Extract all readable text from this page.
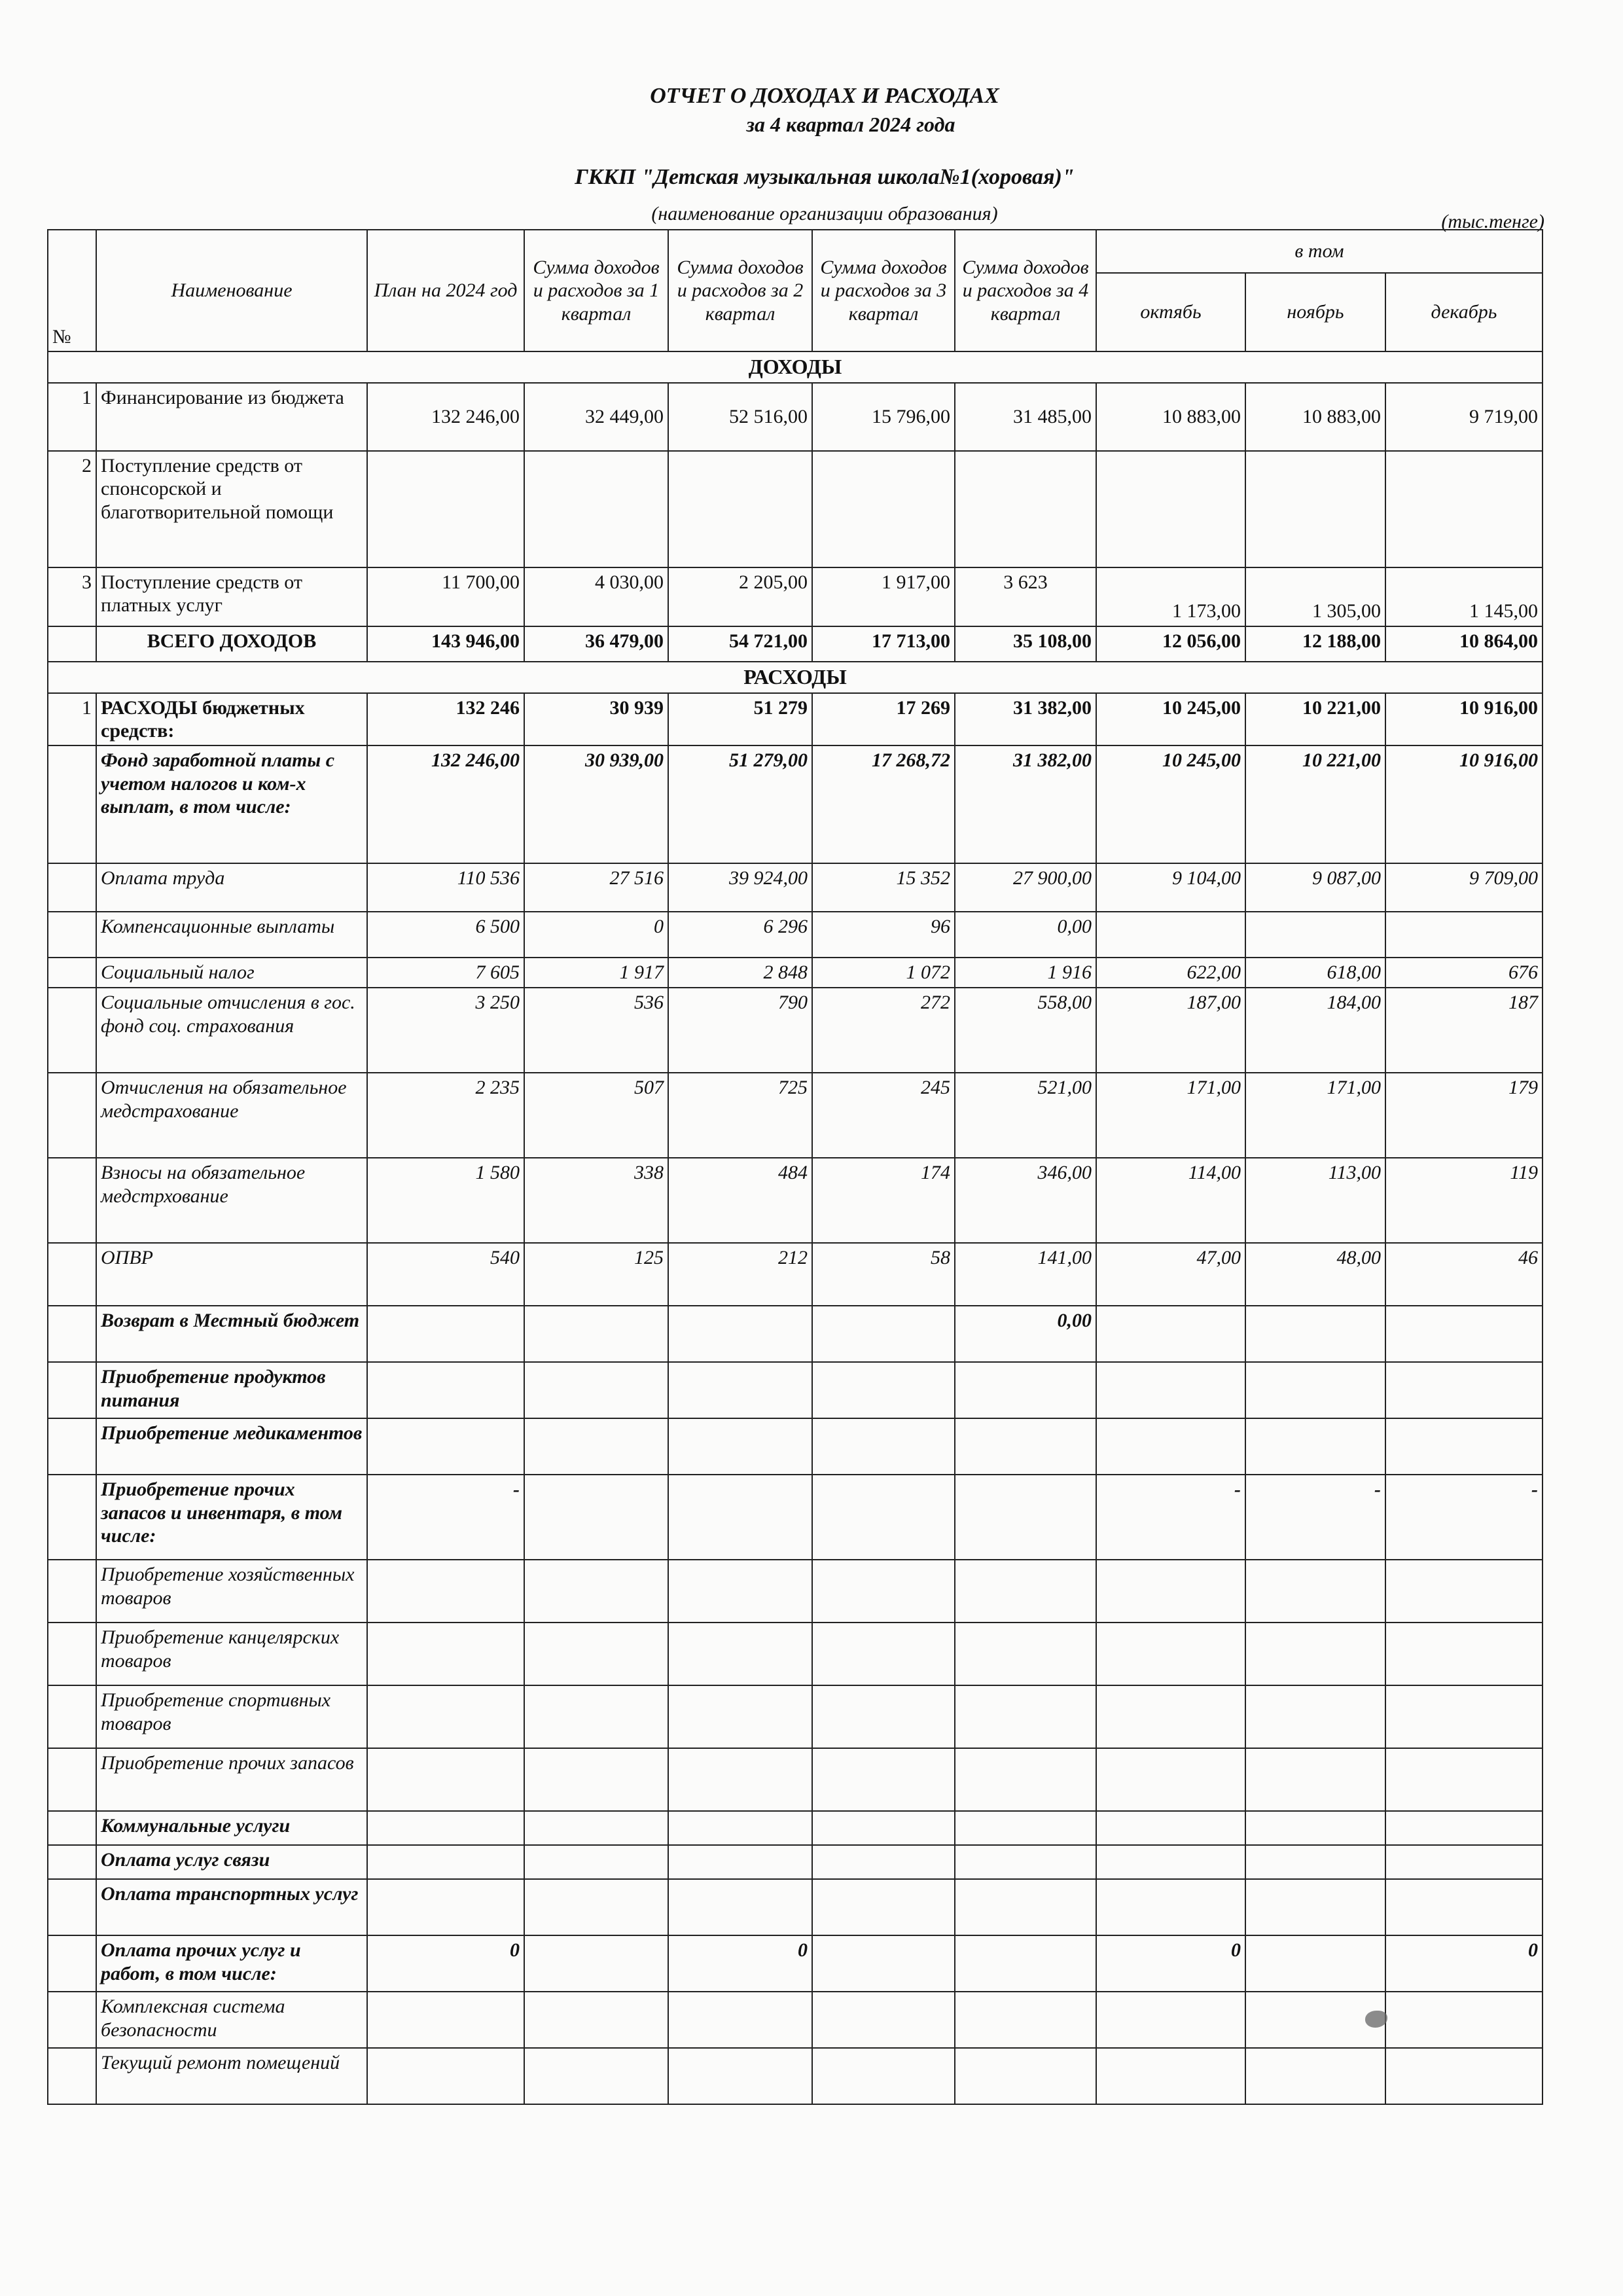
ОТЧЕТ О ДОХОДАХ И РАСХОДАХ
за 4 квартал 2024 года
ГККП "Детская музыкальная школа№1(хоровая)"
(наименование организации образования)	(тыс.тенге)
№	Наименование	План на 2024 год	Сумма доходов и расходов за 1 квартал	Сумма доходов и расходов за 2 квартал	Сумма доходов и расходов за 3 квартал	Сумма доходов и расходов за 4 квартал	в том		
							октябь	ноябрь	декабрь
ДОХОДЫ									
1	Финансирование из бюджета	132 246,00	32 449,00	52 516,00	15 796,00	31 485,00	10 883,00	10 883,00	9 719,00
2	Поступление средств от спонсорской и благотворительной помощи								
3	Поступление средств от платных услуг	11 700,00	4 030,00	2 205,00	1 917,00	3 623	1 173,00	1 305,00	1 145,00
	ВСЕГО ДОХОДОВ	143 946,00	36 479,00	54 721,00	17 713,00	35 108,00	12 056,00	12 188,00	10 864,00
РАСХОДЫ									
1	РАСХОДЫ бюджетных средств:	132 246	30 939	51 279	17 269	31 382,00	10 245,00	10 221,00	10 916,00
	Фонд заработной платы с учетом налогов и ком-х выплат, в том числе:	132 246,00	30 939,00	51 279,00	17 268,72	31 382,00	10 245,00	10 221,00	10 916,00
	Оплата труда	110 536	27 516	39 924,00	15 352	27 900,00	9 104,00	9 087,00	9 709,00
	Компенсационные выплаты	6 500	0	6 296	96	0,00			
	Социальный налог	7 605	1 917	2 848	1 072	1 916	622,00	618,00	676
	Социальные отчисления в гос. фонд соц. страхования	3 250	536	790	272	558,00	187,00	184,00	187
	Отчисления на обязательное медстрахование	2 235	507	725	245	521,00	171,00	171,00	179
	Взносы на обязательное медстрхование	1 580	338	484	174	346,00	114,00	113,00	119
	ОПВР	540	125	212	58	141,00	47,00	48,00	46
	Возврат в Местный бюджет					0,00			
	Приобретение продуктов питания								
	Приобретение медикаментов								
	Приобретение прочих запасов и инвентаря, в том числе:	-					-	-	-
	Приобретение хозяйственных товаров								
	Приобретение канцелярских товаров								
	Приобретение спортивных товаров								
	Приобретение прочих запасов								
	Коммунальные услуги								
	Оплата услуг связи								
	Оплата транспортных услуг								
	Оплата прочих услуг и работ, в том числе:	0		0			0		0
	Комплексная система безопасности								
	Текущий ремонт помещений								
